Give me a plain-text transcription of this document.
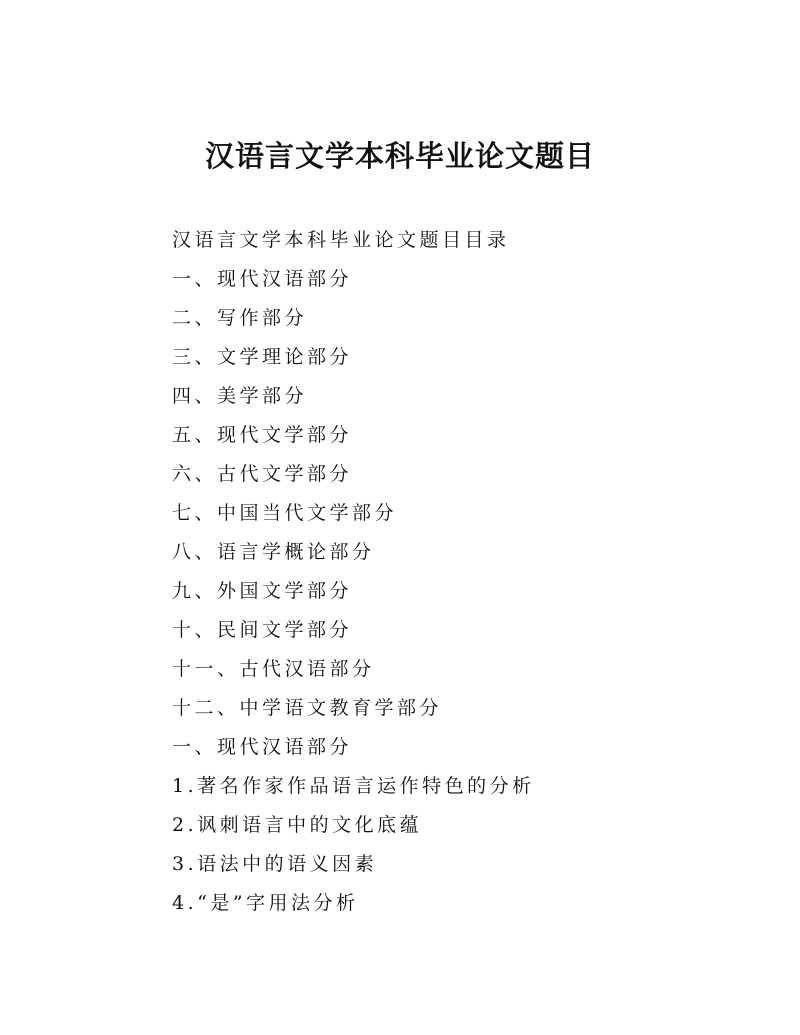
汉语言文学本科毕业论文题目
汉语言文学本科毕业论文题目目录
一、现代汉语部分
二、写作部分
三、文学理论部分
四、美学部分
五、现代文学部分
六、古代文学部分
七、中国当代文学部分
八、语言学概论部分
九、外国文学部分
十、民间文学部分
十一、古代汉语部分
十二、中学语文教育学部分
一、现代汉语部分
1.著名作家作品语言运作特色的分析
2.讽刺语言中的文化底蕴
3.语法中的语义因素
4.“是”字用法分析
